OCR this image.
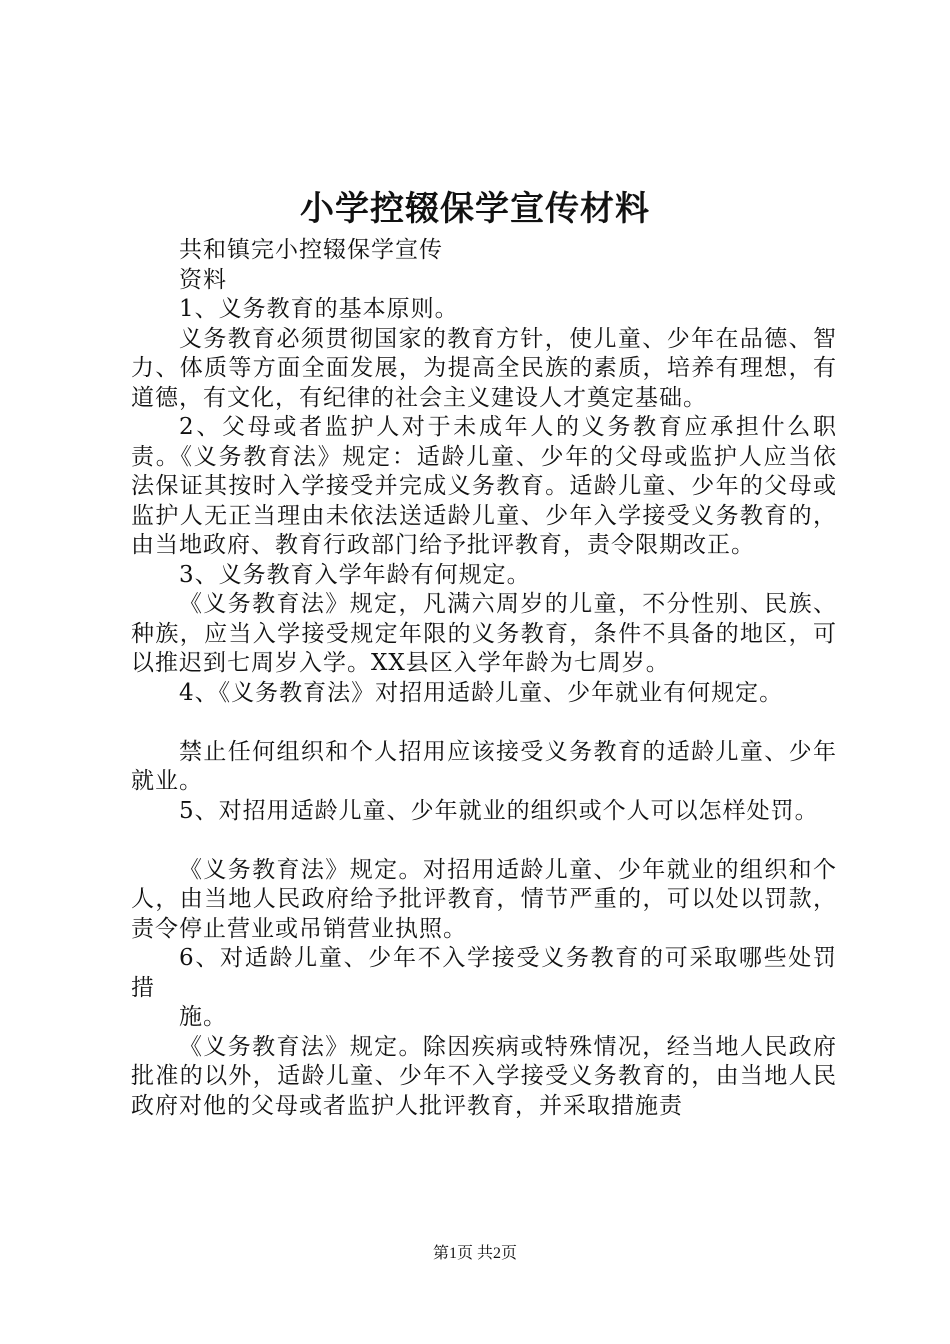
小学控辍保学宣传材料

共和镇完小控辍保学宣传

资料

1、义务教育的基本原则。

义务教育必须贯彻国家的教育方针，使儿童、少年在品德、智力、体质等方面全面发展，为提高全民族的素质，培养有理想，有道德，有文化，有纪律的社会主义建设人才奠定基础。

2、父母或者监护人对于未成年人的义务教育应承担什么职责。《义务教育法》规定：适龄儿童、少年的父母或监护人应当依法保证其按时入学接受并完成义务教育。适龄儿童、少年的父母或监护人无正当理由未依法送适龄儿童、少年入学接受义务教育的，由当地政府、教育行政部门给予批评教育，责令限期改正。

3、义务教育入学年龄有何规定。

《义务教育法》规定，凡满六周岁的儿童，不分性别、民族、种族，应当入学接受规定年限的义务教育，条件不具备的地区，可以推迟到七周岁入学。XX县区入学年龄为七周岁。

4、《义务教育法》对招用适龄儿童、少年就业有何规定。

禁止任何组织和个人招用应该接受义务教育的适龄儿童、少年就业。

5、对招用适龄儿童、少年就业的组织或个人可以怎样处罚。

《义务教育法》规定。对招用适龄儿童、少年就业的组织和个人，由当地人民政府给予批评教育，情节严重的，可以处以罚款，责令停止营业或吊销营业执照。

6、对适龄儿童、少年不入学接受义务教育的可采取哪些处罚措

施。

《义务教育法》规定。除因疾病或特殊情况，经当地人民政府批准的以外，适龄儿童、少年不入学接受义务教育的，由当地人民政府对他的父母或者监护人批评教育，并采取措施责

第1页 共2页
